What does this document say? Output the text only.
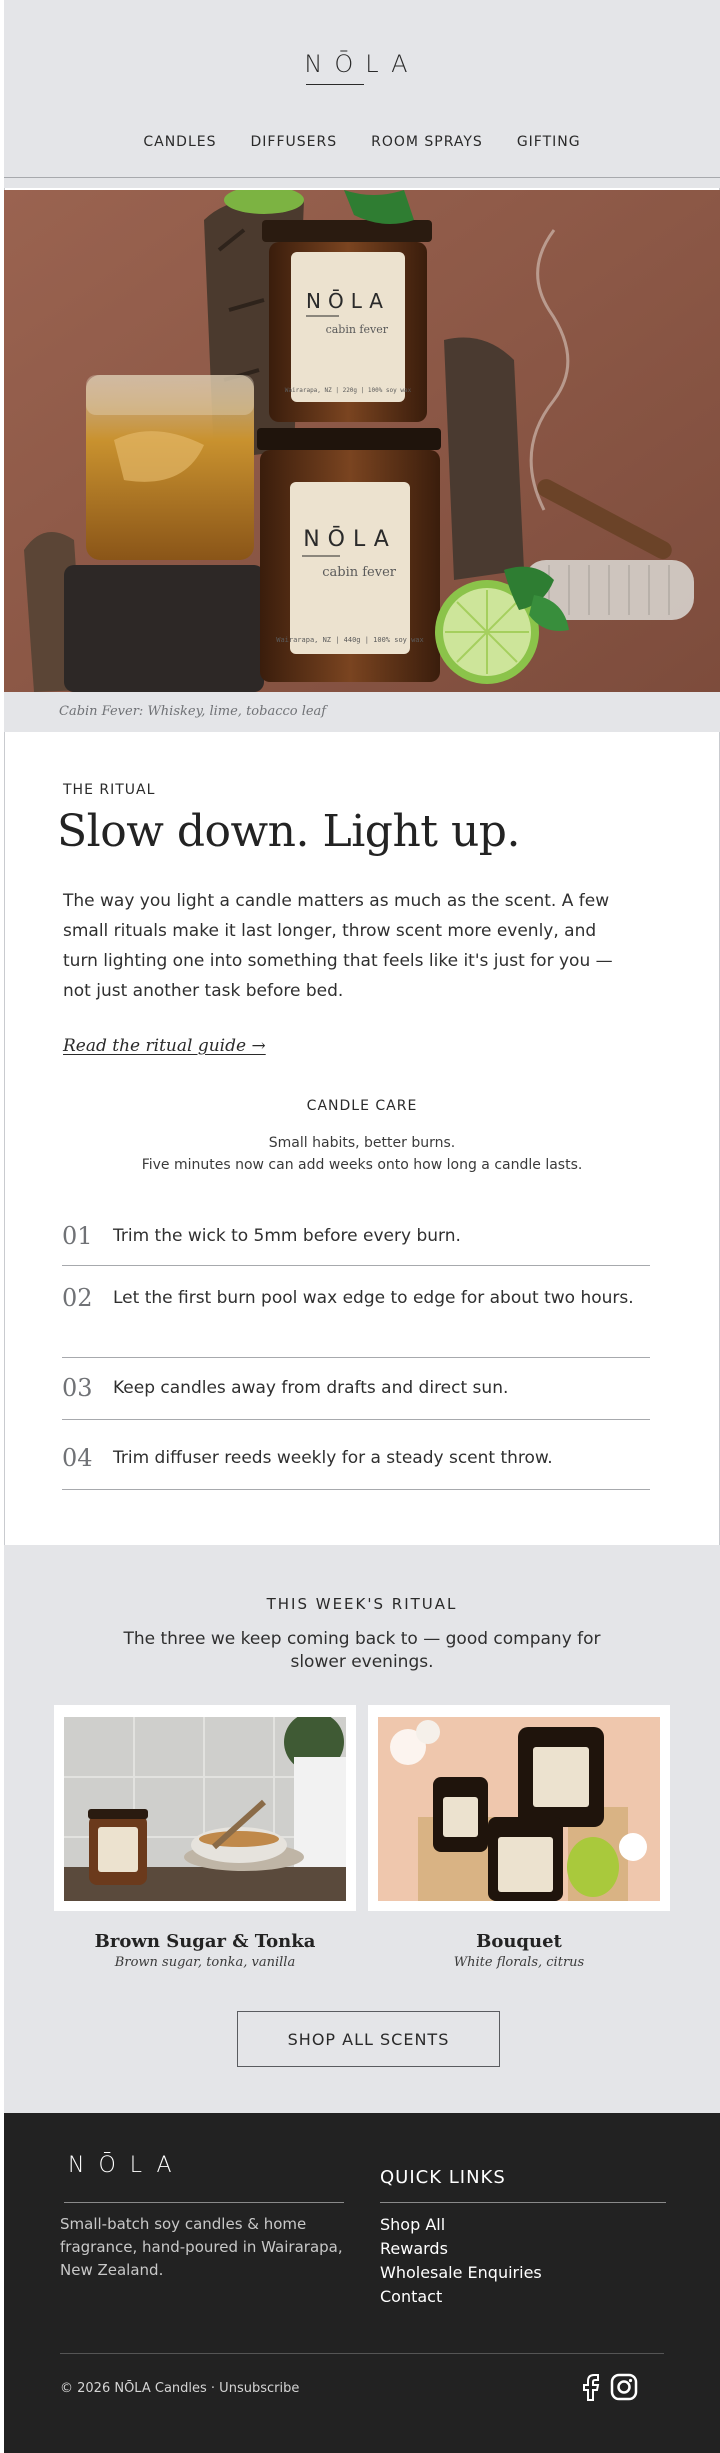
NŌLA
CANDLES DIFFUSERS ROOM SPRAYS GIFTING
NŌLA
cabin fever
Wairarapa, NZ | 220g | 100% soy wax
NŌLA
cabin fever
Wairarapa, NZ | 440g | 100% soy wax
Cabin Fever: Whiskey, lime, tobacco leaf
THE RITUAL
Slow down. Light up.
The way you light a candle matters as much as the scent. A few small rituals make it last longer, throw scent more evenly, and turn lighting one into something that feels like it's just for you — not just another task before bed.
Read the ritual guide →
CANDLE CARE
Small habits, better burns.
Five minutes now can add weeks onto how long a candle lasts.
01	Trim the wick to 5mm before every burn.
02	Let the first burn pool wax edge to edge for about two hours.
03	Keep candles away from drafts and direct sun.
04	Trim diffuser reeds weekly for a steady scent throw.
THIS WEEK'S RITUAL
The three we keep coming back to — good company for slower evenings.
Brown Sugar & Tonka
Brown sugar, tonka, vanilla
Bouquet
White florals, citrus
SHOP ALL SCENTS
NŌLA
Small-batch soy candles & home fragrance, hand-poured in Wairarapa, New Zealand.
QUICK LINKS
Shop All
Rewards
Wholesale Enquiries
Contact
© 2026 NŌLA Candles · Unsubscribe
